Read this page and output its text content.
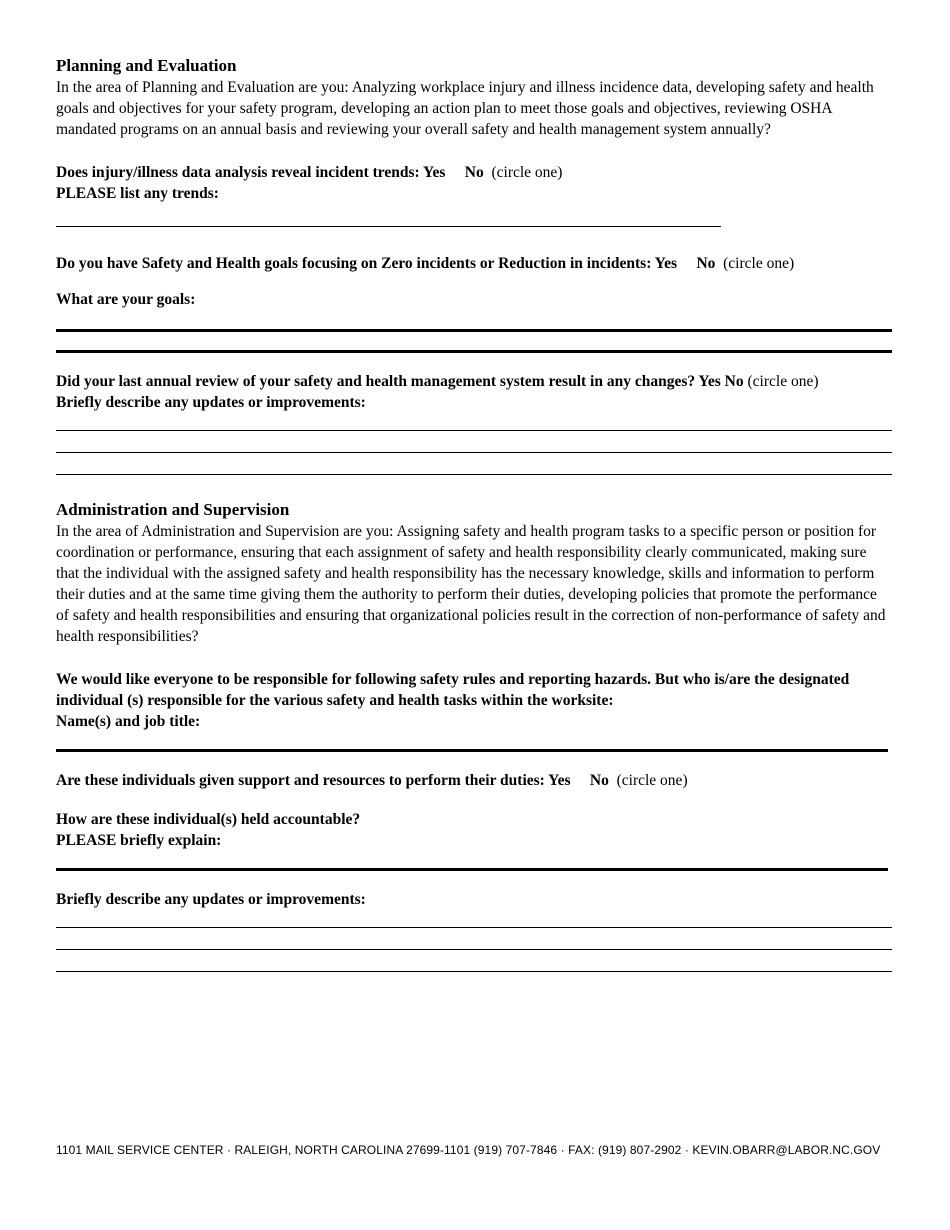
Planning and Evaluation

In the area of Planning and Evaluation are you: Analyzing workplace injury and illness incidence data, developing safety and health goals and objectives for your safety program, developing an action plan to meet those goals and objectives, reviewing OSHA mandated programs on an annual basis and reviewing your overall safety and health management system annually?

Does injury/illness data analysis reveal incident trends: Yes No (circle one)

PLEASE list any trends:

Do you have Safety and Health goals focusing on Zero incidents or Reduction in incidents: Yes No (circle one)

What are your goals:

Did your last annual review of your safety and health management system result in any changes? Yes No (circle one)

Briefly describe any updates or improvements:

Administration and Supervision

In the area of Administration and Supervision are you: Assigning safety and health program tasks to a specific person or position for coordination or performance, ensuring that each assignment of safety and health responsibility clearly communicated, making sure that the individual with the assigned safety and health responsibility has the necessary knowledge, skills and information to perform their duties and at the same time giving them the authority to perform their duties, developing policies that promote the performance of safety and health responsibilities and ensuring that organizational policies result in the correction of non-performance of safety and health responsibilities?

We would like everyone to be responsible for following safety rules and reporting hazards. But who is/are the designated individual (s) responsible for the various safety and health tasks within the worksite:

Name(s) and job title:

Are these individuals given support and resources to perform their duties: Yes No (circle one)

How are these individual(s) held accountable?

PLEASE briefly explain:

Briefly describe any updates or improvements:

1101 MAIL SERVICE CENTER · RALEIGH, NORTH CAROLINA 27699-1101 (919) 707-7846 · FAX: (919) 807-2902 · KEVIN.OBARR@LABOR.NC.GOV
